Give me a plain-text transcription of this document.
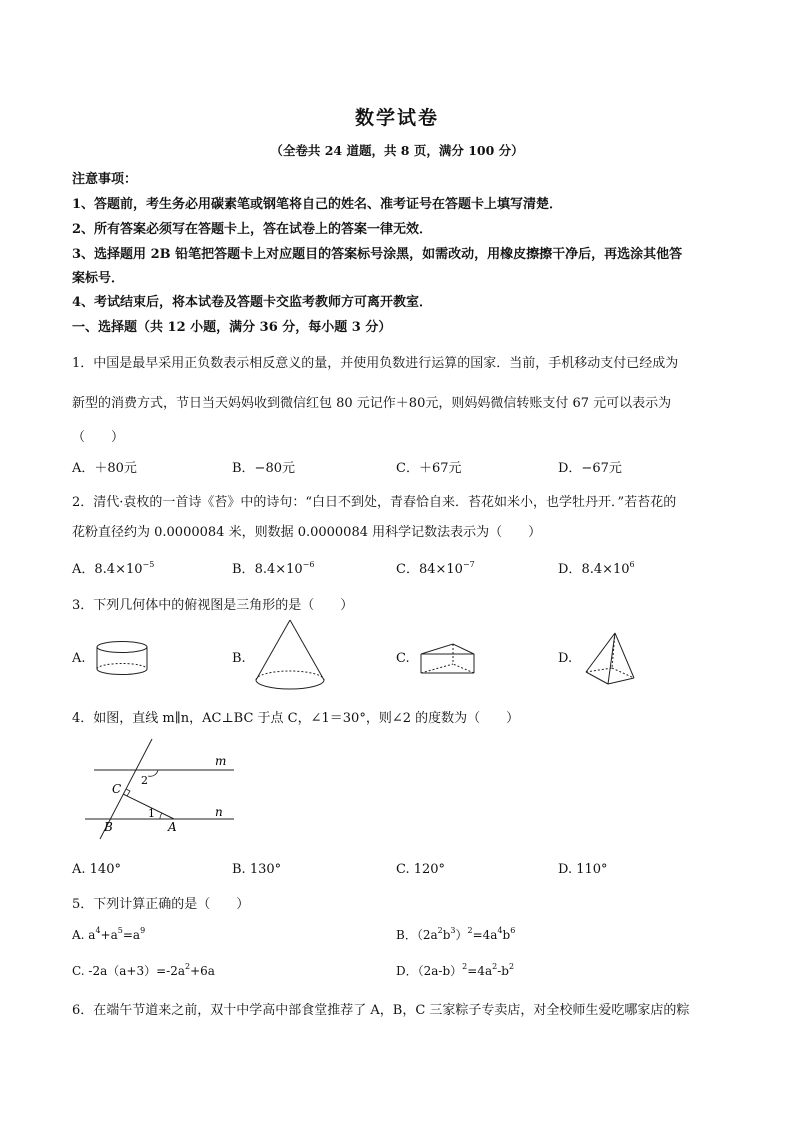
数学试卷
（全卷共 24 道题，共 8 页，满分 100 分）
注意事项：
1、答题前，考生务必用碳素笔或钢笔将自己的姓名、准考证号在答题卡上填写清楚．
2、所有答案必须写在答题卡上，答在试卷上的答案一律无效．
3、选择题用 2B 铅笔把答题卡上对应题目的答案标号涂黑，如需改动，用橡皮擦擦干净后，再选涂其他答
案标号．
4、考试结束后，将本试卷及答题卡交监考教师方可离开教室．
一、选择题（共 12 小题，满分 36 分，每小题 3 分）
1．中国是最早采用正负数表示相反意义的量，并使用负数进行运算的国家．当前，手机移动支付已经成为
新型的消费方式，节日当天妈妈收到微信红包 80 元记作＋80元，则妈妈微信转账支付 67 元可以表示为
（　　）
A．＋80元	B．−80元	C．＋67元	D．−67元
2．清代·袁枚的一首诗《苔》中的诗句：“白日不到处，青春恰自来．苔花如米小，也学牡丹开．”若苔花的
花粉直径约为 0.0000084 米，则数据 0.0000084 用科学记数法表示为（　　）
A．$8.4\times 10^{-5}$	B．$8.4\times 10^{-6}$	C．$84\times 10^{-7}$	D．$8.4\times 10^6$
3．下列几何体中的俯视图是三角形的是（　　）
A.	B.	C.	D.
4．如图，直线 m∥n，AC⊥BC 于点 C，∠1＝30°，则∠2 的度数为（　　）
m
n
C
B	A
1
2
A. 140°	B. 130°	C. 120°	D. 110°
5．下列计算正确的是（　　）
A. $a^4+a^5=a^9$	B．$(2a^2b^3)^2=4a^4b^6$
C. $-2a(a+3)=-2a^2+6a$	D．$(2a-b)^2=4a^2-b^2$
6．在端午节道来之前，双十中学高中部食堂推荐了 A，B，C 三家粽子专卖店，对全校师生爱吃哪家店的粽
